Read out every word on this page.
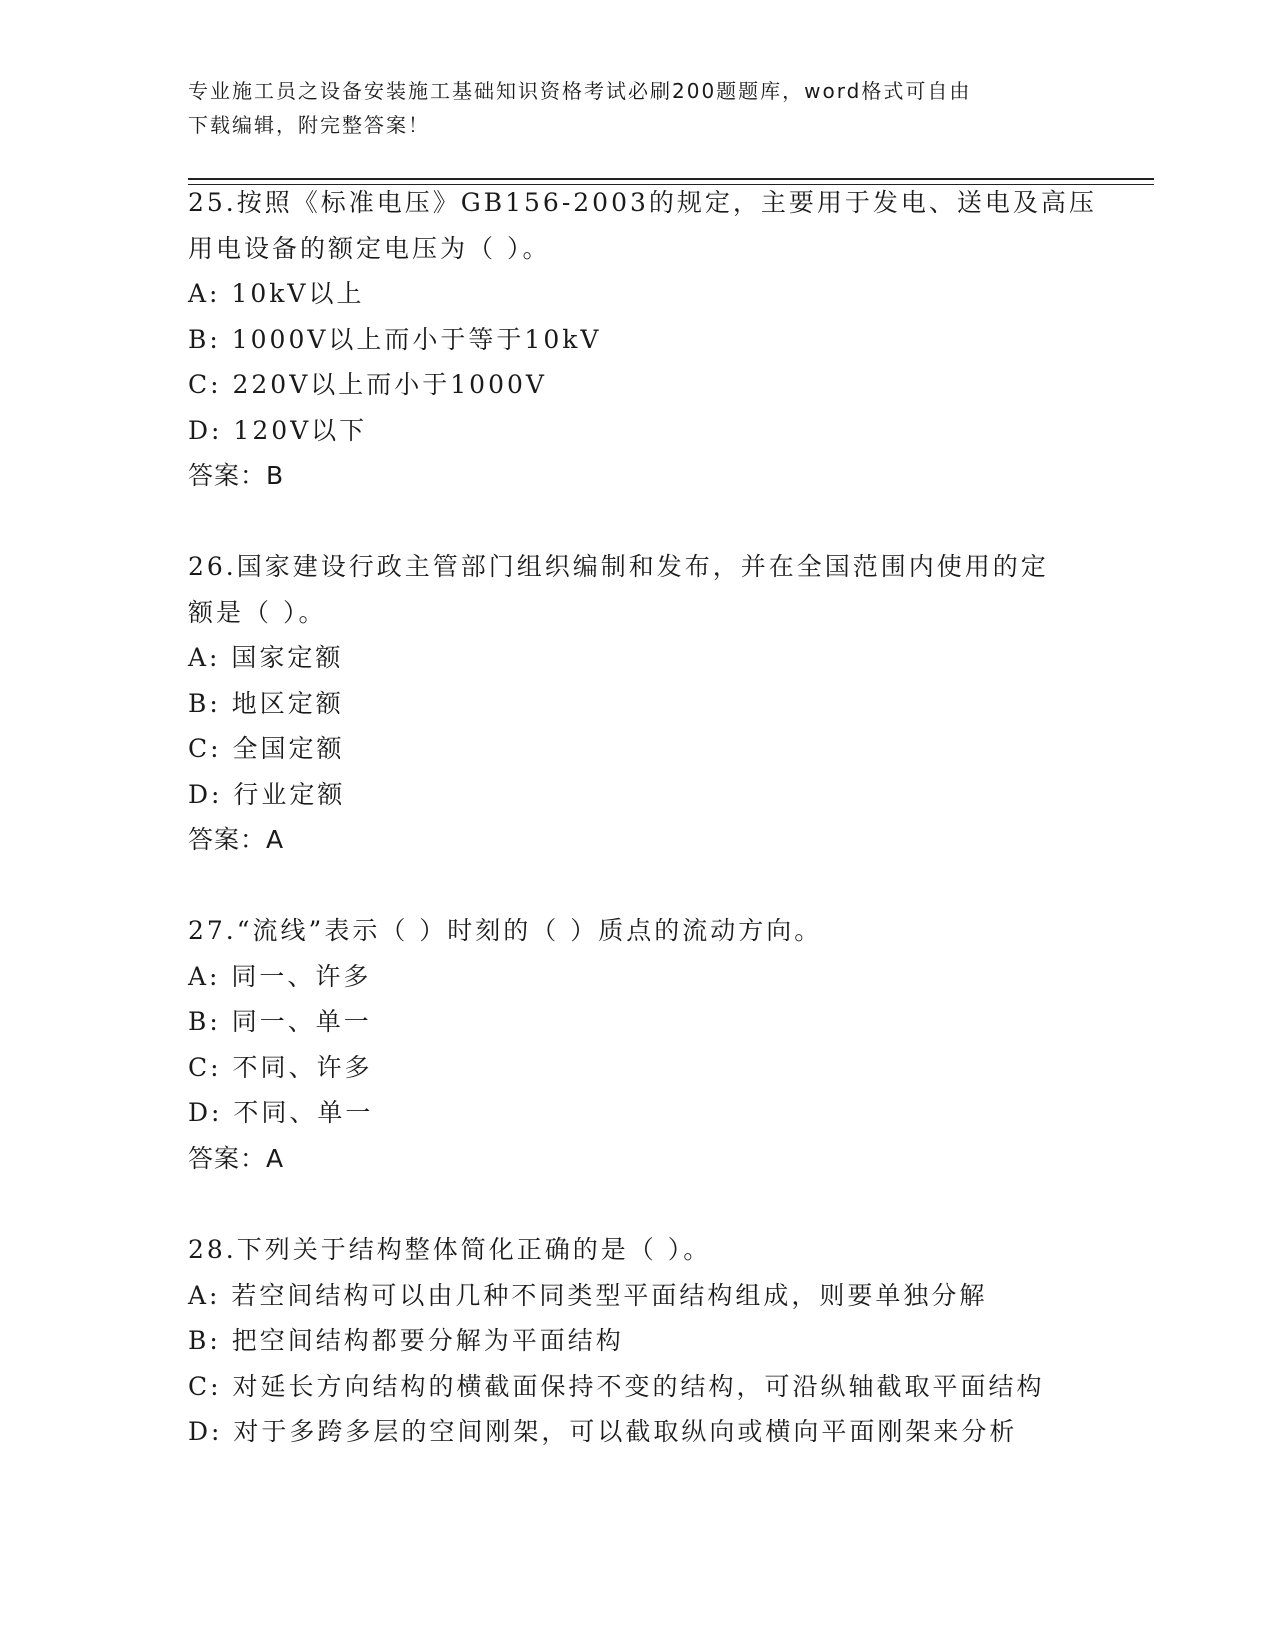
专业施工员之设备安装施工基础知识资格考试必刷200题题库，word格式可自由
下载编辑，附完整答案！
25.按照《标准电压》GB156-2003的规定，主要用于发电、送电及高压
用电设备的额定电压为（ ）。
A: 10kV以上
B: 1000V以上而小于等于10kV
C: 220V以上而小于1000V
D: 120V以下
答案：B
26.国家建设行政主管部门组织编制和发布，并在全国范围内使用的定
额是（ ）。
A: 国家定额
B: 地区定额
C: 全国定额
D: 行业定额
答案：A
27.“流线”表示（ ）时刻的（ ）质点的流动方向。
A: 同一、许多
B: 同一、单一
C: 不同、许多
D: 不同、单一
答案：A
28.下列关于结构整体简化正确的是（ ）。
A: 若空间结构可以由几种不同类型平面结构组成，则要单独分解
B: 把空间结构都要分解为平面结构
C: 对延长方向结构的横截面保持不变的结构，可沿纵轴截取平面结构
D: 对于多跨多层的空间刚架，可以截取纵向或横向平面刚架来分析
